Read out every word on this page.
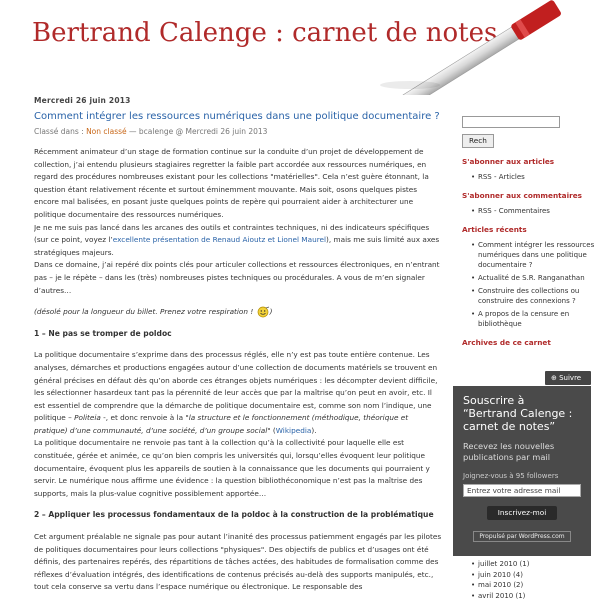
Bertrand Calenge : carnet de notes
Mercredi 26 juin 2013
Comment intégrer les ressources numériques dans une politique documentaire ?
Classé dans : Non classé — bcalenge @ Mercredi 26 juin 2013

Récemment animateur d’un stage de formation continue sur la conduite d’un projet de développement de collection, j’ai entendu plusieurs stagiaires regretter la faible part accordée aux ressources numériques, en regard des procédures nombreuses existant pour les collections "matérielles". Cela n’est guère étonnant, la question étant relativement récente et surtout éminemment mouvante. Mais soit, osons quelques pistes encore mal balisées, en posant juste quelques points de repère qui pourraient aider à architecturer une politique documentaire des ressources numériques.

Je ne me suis pas lancé dans les arcanes des outils et contraintes techniques, ni des indicateurs spécifiques (sur ce point, voyez l’excellente présentation de Renaud Aioutz et Lionel Maurel), mais me suis limité aux axes stratégiques majeurs.

Dans ce domaine, j’ai repéré dix points clés pour articuler collections et ressources électroniques, en n’entrant pas – je le répète – dans les (très) nombreuses pistes techniques ou procédurales. A vous de m’en signaler d’autres…

(désolé pour la longueur du billet. Prenez votre respiration ! )

1 – Ne pas se tromper de poldoc

La politique documentaire s’exprime dans des processus réglés, elle n’y est pas toute entière contenue. Les analyses, démarches et productions engagées autour d’une collection de documents matériels se trouvent en général précises en défaut dès qu’on aborde ces étranges objets numériques : les décompter devient difficile, les sélectionner hasardeux tant pas la pérennité de leur accès que par la maîtrise qu’on peut en avoir, etc. Il est essentiel de comprendre que la démarche de politique documentaire est, comme son nom l’indique, une politique – Politeia -, et donc renvoie à la "la structure et le fonctionnement (méthodique, théorique et pratique) d’une communauté, d’une société, d’un groupe social" (Wikipedia).

La politique documentaire ne renvoie pas tant à la collection qu’à la collectivité pour laquelle elle est constituée, gérée et animée, ce qu’on bien compris les universités qui, lorsqu’elles évoquent leur politique documentaire, évoquent plus les appareils de soutien à la connaissance que les documents qui pourraient y servir. Le numérique nous affirme une évidence : la question bibliothéconomique n’est pas la maîtrise des supports, mais la plus-value cognitive possiblement apportée…

2 – Appliquer les processus fondamentaux de la poldoc à la construction de la problématique

Cet argument préalable ne signale pas pour autant l’inanité des processus patiemment engagés par les pilotes de politiques documentaires pour leurs collections "physiques". Des objectifs de publics et d’usages ont été définis, des partenaires repérés, des répartitions de tâches actées, des habitudes de formalisation comme des réflexes d’évaluation intégrés, des identifications de contenus précisés au-delà des supports manipulés, etc., tout cela conserve sa vertu dans l’espace numérique ou électronique. Le responsable des

Rech
S'abonner aux articles
• RSS - Articles
S'abonner aux commentaires
• RSS - Commentaires
Articles récents
• Comment intégrer les ressources numériques dans une politique documentaire ?
• Actualité de S.R. Ranganathan
• Construire des collections ou construire des connexions ?
• A propos de la censure en bibliothèque
Archives de ce carnet
• juillet 2010 (1)
• juin 2010 (4)
• mai 2010 (2)
• avril 2010 (1)
⊕ Suivre
Souscrire à “Bertrand Calenge : carnet de notes”
Recevez les nouvelles publications par mail
Joignez-vous à 95 followers
Entrez votre adresse mail
Inscrivez-moi
Propulsé par WordPress.com
